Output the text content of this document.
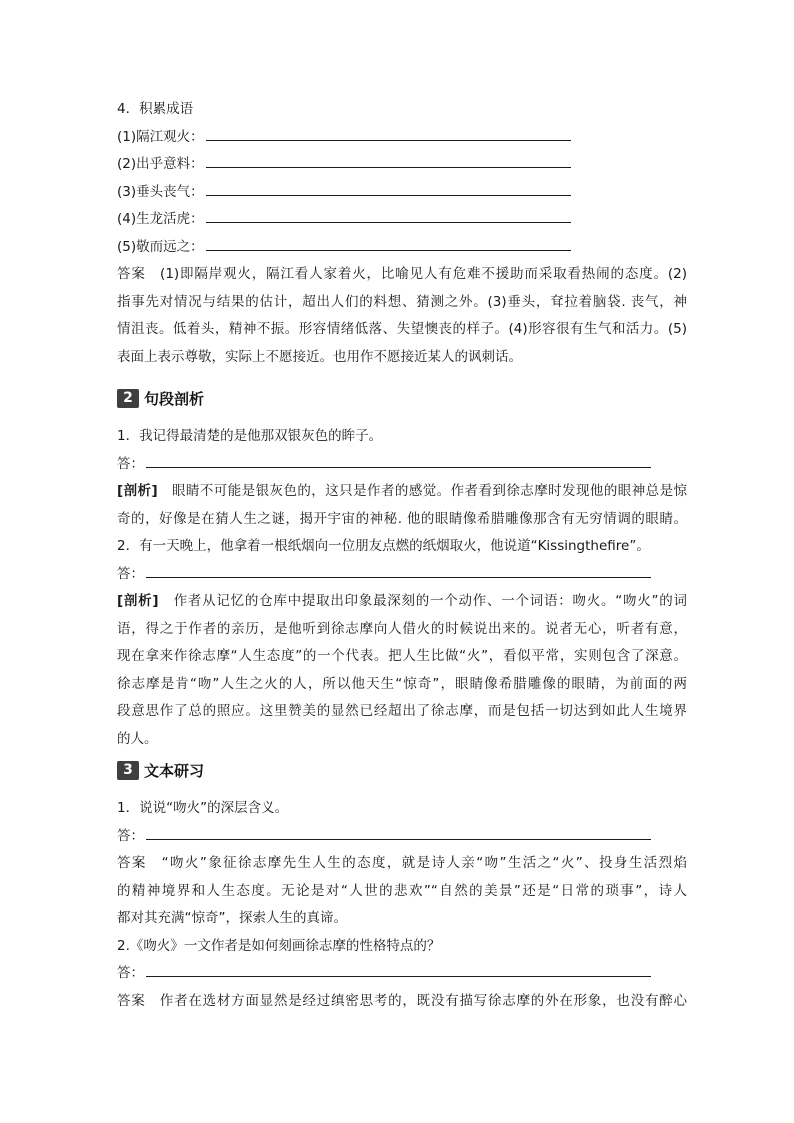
4．积累成语
(1)隔江观火：
(2)出乎意料：
(3)垂头丧气：
(4)生龙活虎：
(5)敬而远之：
答案　(1)即隔岸观火，隔江看人家着火，比喻见人有危难不援助而采取看热闹的态度。(2)
指事先对情况与结果的估计，超出人们的料想、猜测之外。(3)垂头，耷拉着脑袋. 丧气，神
情沮丧。低着头，精神不振。形容情绪低落、失望懊丧的样子。(4)形容很有生气和活力。(5)
表面上表示尊敬，实际上不愿接近。也用作不愿接近某人的讽刺话。
2 句段剖析
1．我记得最清楚的是他那双银灰色的眸子。
答：
[剖析]　眼睛不可能是银灰色的，这只是作者的感觉。作者看到徐志摩时发现他的眼神总是惊
奇的，好像是在猜人生之谜，揭开宇宙的神秘. 他的眼睛像希腊雕像那含有无穷情调的眼睛。
2．有一天晚上，他拿着一根纸烟向一位朋友点燃的纸烟取火，他说道“Kissingthefire”。
答：
[剖析]　作者从记忆的仓库中提取出印象最深刻的一个动作、一个词语：吻火。“吻火”的词
语，得之于作者的亲历，是他听到徐志摩向人借火的时候说出来的。说者无心，听者有意，
现在拿来作徐志摩“人生态度”的一个代表。把人生比做“火”，看似平常，实则包含了深意。
徐志摩是肯“吻”人生之火的人，所以他天生“惊奇”，眼睛像希腊雕像的眼睛，为前面的两
段意思作了总的照应。这里赞美的显然已经超出了徐志摩，而是包括一切达到如此人生境界
的人。
3 文本研习
1．说说“吻火”的深层含义。
答：
答案　“吻火”象征徐志摩先生人生的态度，就是诗人亲“吻”生活之“火”、投身生活烈焰
的精神境界和人生态度。无论是对“人世的悲欢”“自然的美景”还是“日常的琐事”，诗人
都对其充满“惊奇”，探索人生的真谛。
2.《吻火》一文作者是如何刻画徐志摩的性格特点的？
答：
答案　作者在选材方面显然是经过缜密思考的，既没有描写徐志摩的外在形象，也没有醉心
